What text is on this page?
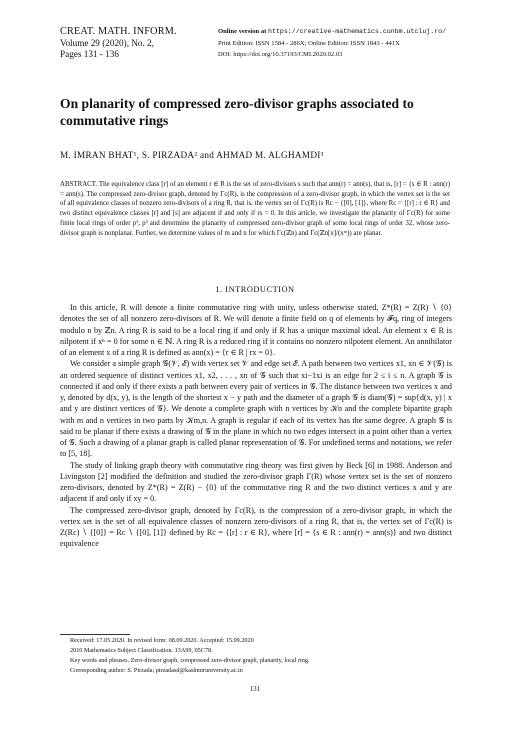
CREAT. MATH. INFORM.
Volume 29 (2020), No. 2,
Pages 131 - 136
Online version at https://creative-mathematics.cunbm.utcluj.ro/
Print Edition: ISSN 1584 - 286X; Online Edition: ISSN 1843 - 441X
DOI: https://doi.org/10.37193/CMI.2020.02.03
On planarity of compressed zero-divisor graphs associated to commutative rings
M. IMRAN BHAT¹, S. PIRZADA² and AHMAD M. ALGHAMDI³
ABSTRACT. The equivalence class [r] of an element r ∈ R is the set of zero-divisors s such that ann(r) = ann(s), that is, [r] = {s ∈ R : ann(r) = ann(s). The compressed zero-divisor graph, denoted by Γc(R), is the compression of a zero-divisor graph, in which the vertex set is the set of all equivalence classes of nonzero zero-divisors of a ring R, that is, the vertex set of Γc(R) is Rc − {[0], [1]}, where Rc = {[r] : r ∈ R} and two distinct equivalence classes [r] and [s] are adjacent if and only if rs = 0. In this article, we investigate the planarity of Γc(R) for some finite local rings of order p², p³ and determine the planarity of compressed zero-divisor graph of some local rings of order 32, whose zero-divisor graph is nonplanar. Further, we determine values of m and n for which Γc(ℤn) and Γc(ℤn[x]/(xᵐ)) are planar.
1. INTRODUCTION

In this article, R will denote a finite commutative ring with unity, unless otherwise stated, Z*(R) = Z(R) ∖ {0} denotes the set of all nonzero zero-divisors of R. We will denote a finite field on q of elements by 𝓕q, ring of integers modulo n by ℤn. A ring R is said to be a local ring if and only if R has a unique maximal ideal. An element x ∈ R is nilpotent if xⁿ = 0 for some n ∈ ℕ. A ring R is a reduced ring if it contains no nonzero nilpotent element. An annihilator of an element x of a ring R is defined as ann(x) = {r ∈ R | rx = 0}.

We consider a simple graph 𝒢(𝒱, ℰ) with vertex set 𝒱 and edge set ℰ. A path between two vertices x1, xn ∈ 𝒱(𝒢) is an ordered sequence of distinct vertices x1, x2, . . . , xn of 𝒢 such that xi−1xi is an edge for 2 ≤ i ≤ n. A graph 𝒢 is connected if and only if there exists a path between every pair of vertices in 𝒢. The distance between two vertices x and y, denoted by d(x, y), is the length of the shortest x − y path and the diameter of a graph 𝒢 is diam(𝒢) = sup{d(x, y) | x and y are distinct vertices of 𝒢}. We denote a complete graph with n vertices by 𝒦n and the complete bipartite graph with m and n vertices in two parts by 𝒦m,n. A graph is regular if each of its vertex has the same degree. A graph 𝒢 is said to be planar if there exists a drawing of 𝒢 in the plane in which no two edges intersect in a point other than a vertex of 𝒢. Such a drawing of a planar graph is called planar representation of 𝒢. For undefined terms and notations, we refer to [5, 18].

The study of linking graph theory with commutative ring theory was first given by Beck [6] in 1988. Anderson and Livingston [2] modified the definition and studied the zero-divisor graph Γ(R) whose vertex set is the set of nonzero zero-divisors, denoted by Z*(R) = Z(R) − {0} of the commutative ring R and the two distinct vertices x and y are adjacent if and only if xy = 0.

The compressed zero-divisor graph, denoted by Γc(R), is the compression of a zero-divisor graph, in which the vertex set is the set of all equivalence classes of nonzero zero-divisors of a ring R, that is, the vertex set of Γc(R) is Z(Rc) ∖ {[0]} = Rc ∖ {[0], [1]} defined by Rc = {[r] : r ∈ R}, where [r] = {s ∈ R : ann(r) = ann(s)} and two distinct equivalence

Received: 17.05.2020. In revised form: 08.09.2020. Accepted: 15.09.2020
2010 Mathematics Subject Classification. 13A99, 05C78.
Key words and phrases. Zero-divisor graph, compressed zero-divisor graph, planarity, local ring.
Corresponding author: S. Pirzada; pirzadasd@kashmiruniversity.ac.in
131
